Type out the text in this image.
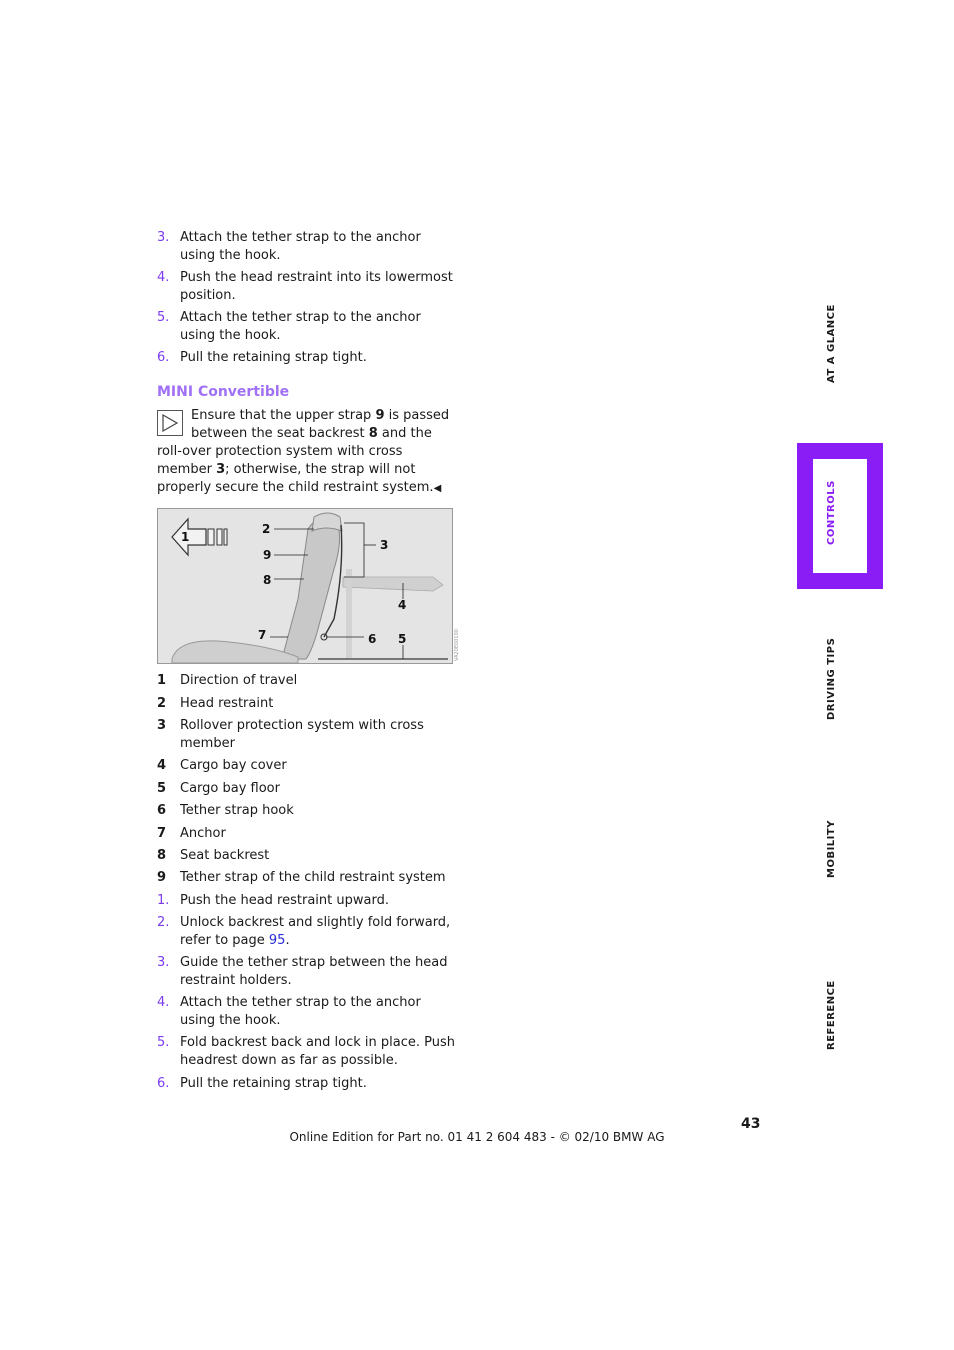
3. Attach the tether strap to the anchor using the hook.
4. Push the head restraint into its lowermost position.
5. Attach the tether strap to the anchor using the hook.
6. Pull the retaining strap tight.
MINI Convertible
Ensure that the upper strap 9 is passed between the seat backrest 8 and the roll-over protection system with cross member 3; otherwise, the strap will not properly secure the child restraint system.◀
1
2
3
4
5
6
7
8
9
VA20E00100
1 Direction of travel
2 Head restraint
3 Rollover protection system with cross member
4 Cargo bay cover
5 Cargo bay floor
6 Tether strap hook
7 Anchor
8 Seat backrest
9 Tether strap of the child restraint system
1. Push the head restraint upward.
2. Unlock backrest and slightly fold forward, refer to page 95.
3. Guide the tether strap between the head restraint holders.
4. Attach the tether strap to the anchor using the hook.
5. Fold backrest back and lock in place. Push headrest down as far as possible.
6. Pull the retaining strap tight.
AT A GLANCE
CONTROLS
DRIVING TIPS
MOBILITY
REFERENCE
43
Online Edition for Part no. 01 41 2 604 483 - © 02/10 BMW AG
